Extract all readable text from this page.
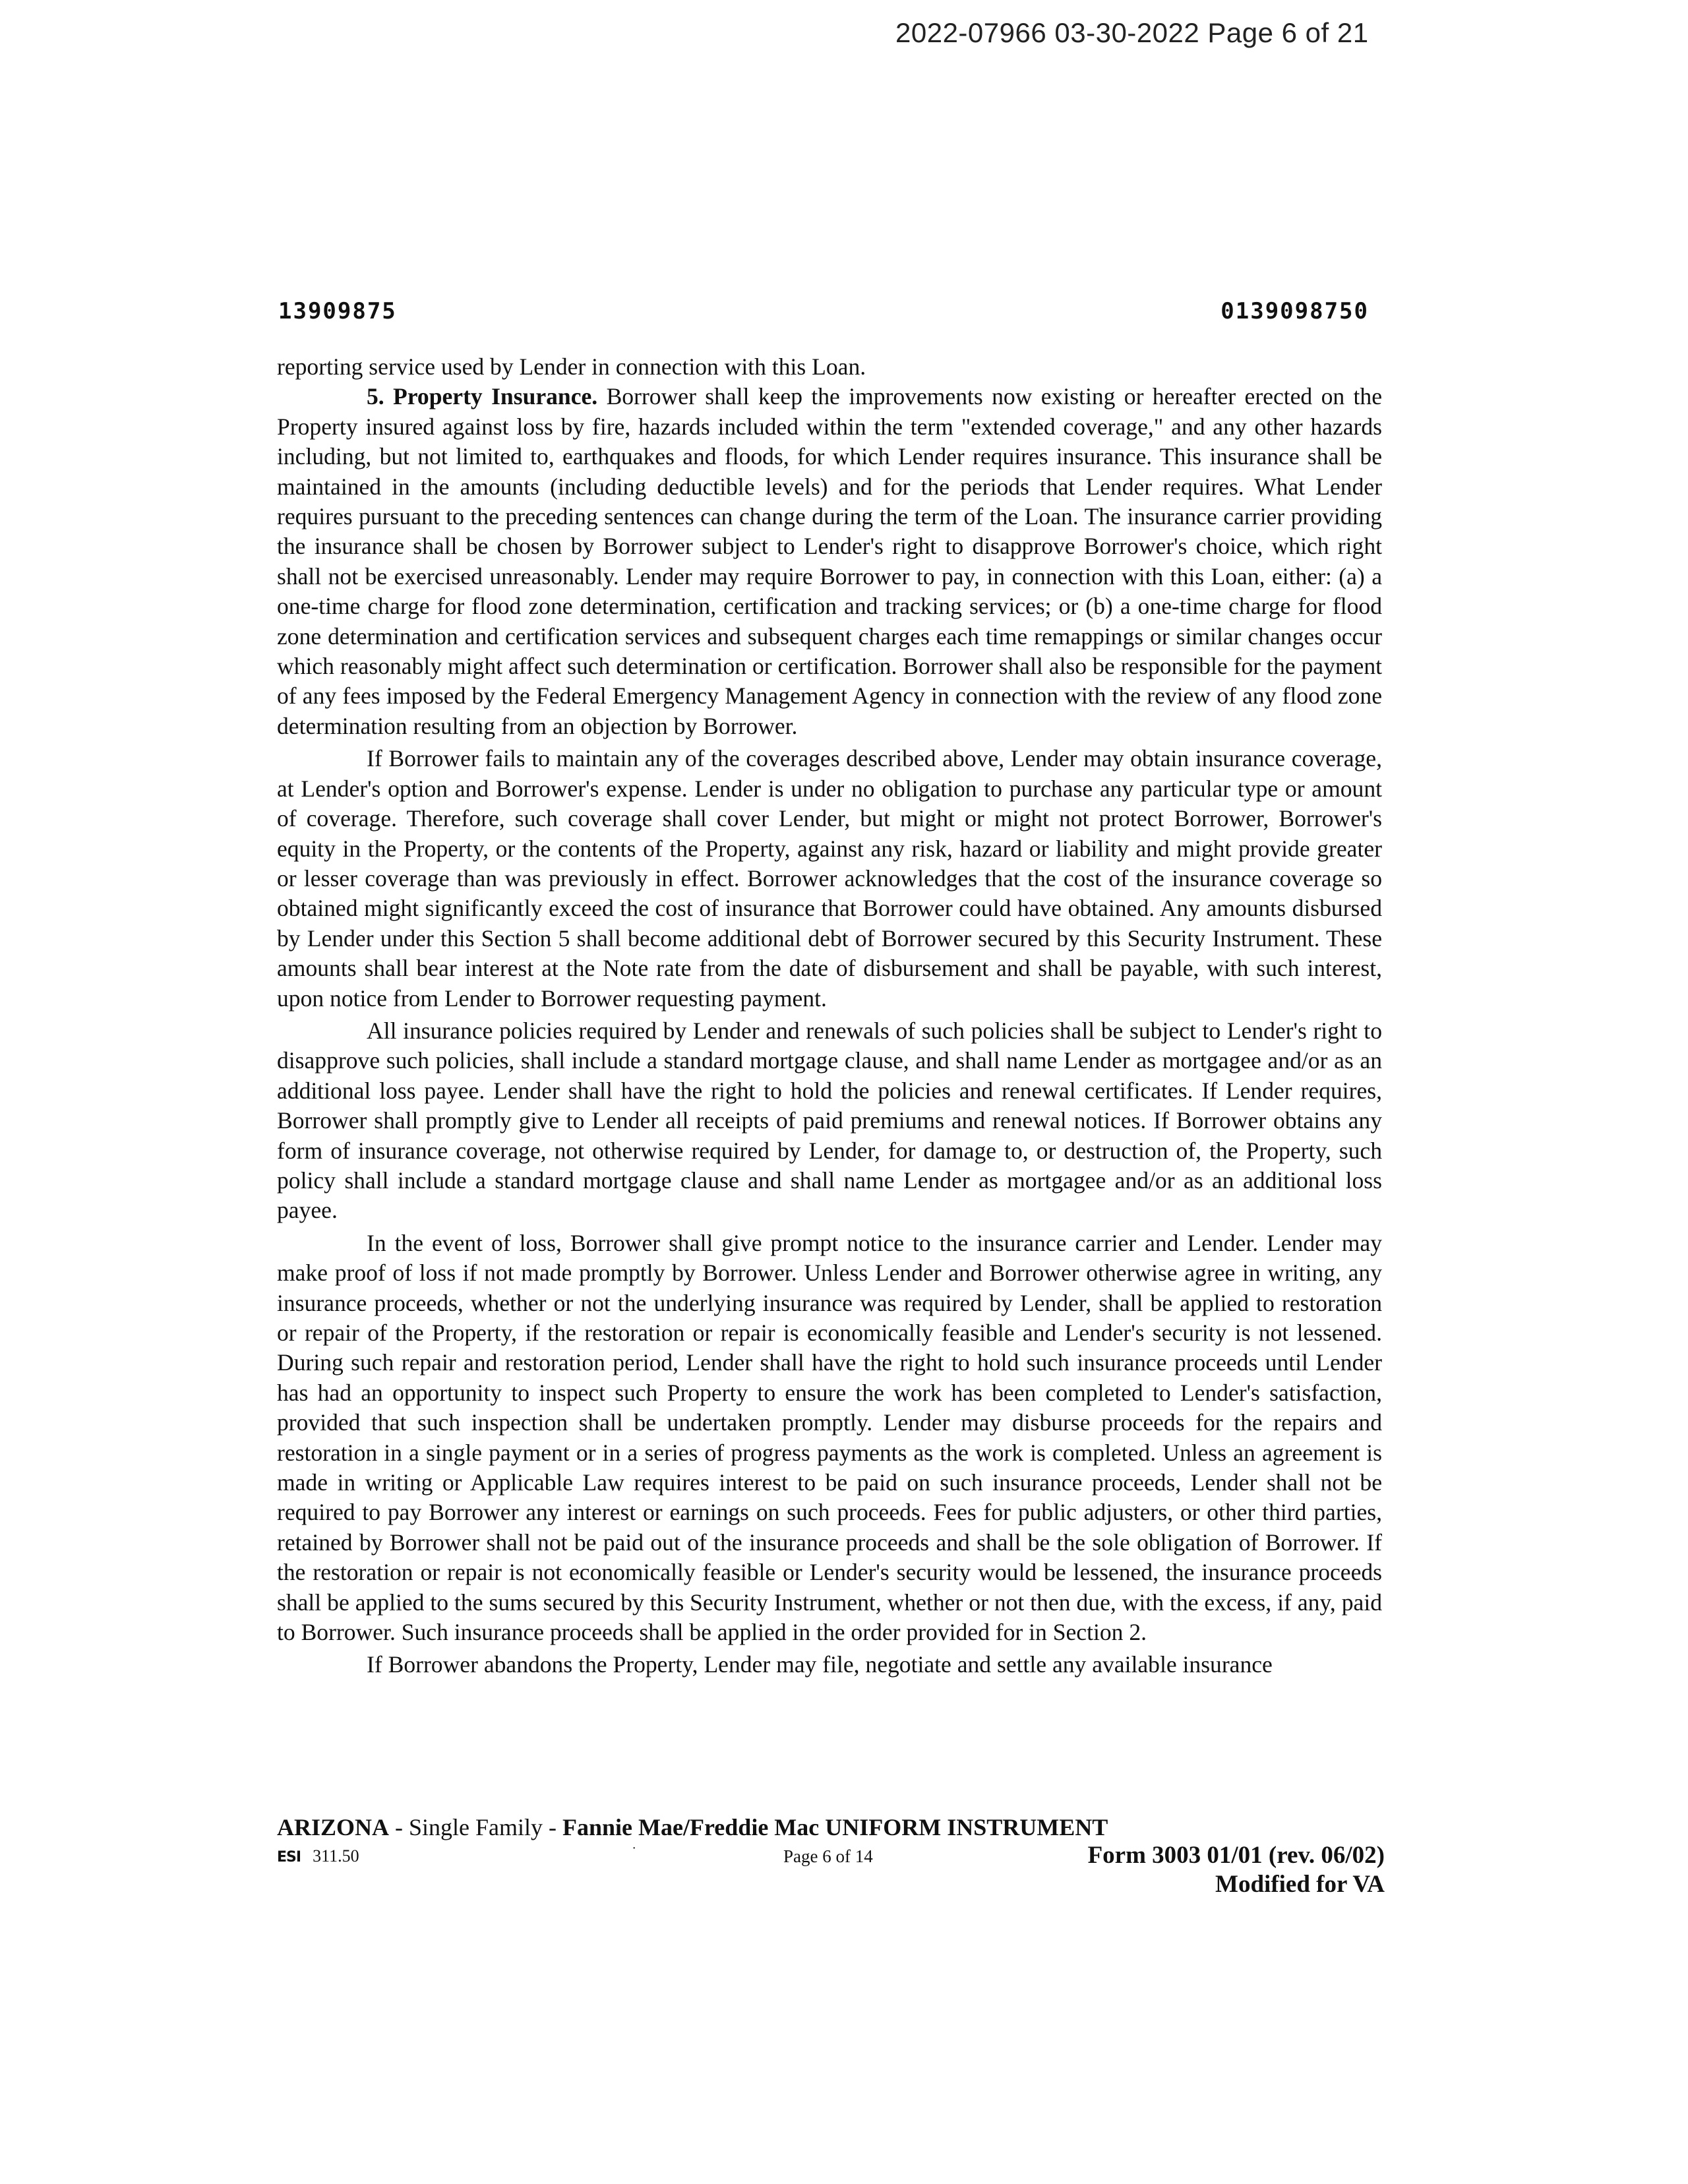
2022-07966 03-30-2022 Page 6 of 21
13909875	0139098750

reporting service used by Lender in connection with this Loan.

5. Property Insurance. Borrower shall keep the improvements now existing or hereafter erected on the Property insured against loss by fire, hazards included within the term "extended coverage," and any other hazards including, but not limited to, earthquakes and floods, for which Lender requires insurance. This insurance shall be maintained in the amounts (including deductible levels) and for the periods that Lender requires. What Lender requires pursuant to the preceding sentences can change during the term of the Loan. The insurance carrier providing the insurance shall be chosen by Borrower subject to Lender's right to disapprove Borrower's choice, which right shall not be exercised unreasonably. Lender may require Borrower to pay, in connection with this Loan, either: (a) a one-time charge for flood zone determination, certification and tracking services; or (b) a one-time charge for flood zone determination and certification services and subsequent charges each time remappings or similar changes occur which reasonably might affect such determination or certification. Borrower shall also be responsible for the payment of any fees imposed by the Federal Emergency Management Agency in connection with the review of any flood zone determination resulting from an objection by Borrower.

If Borrower fails to maintain any of the coverages described above, Lender may obtain insurance coverage, at Lender's option and Borrower's expense. Lender is under no obligation to purchase any particular type or amount of coverage. Therefore, such coverage shall cover Lender, but might or might not protect Borrower, Borrower's equity in the Property, or the contents of the Property, against any risk, hazard or liability and might provide greater or lesser coverage than was previously in effect. Borrower acknowledges that the cost of the insurance coverage so obtained might significantly exceed the cost of insurance that Borrower could have obtained. Any amounts disbursed by Lender under this Section 5 shall become additional debt of Borrower secured by this Security Instrument. These amounts shall bear interest at the Note rate from the date of disbursement and shall be payable, with such interest, upon notice from Lender to Borrower requesting payment.

All insurance policies required by Lender and renewals of such policies shall be subject to Lender's right to disapprove such policies, shall include a standard mortgage clause, and shall name Lender as mortgagee and/or as an additional loss payee. Lender shall have the right to hold the policies and renewal certificates. If Lender requires, Borrower shall promptly give to Lender all receipts of paid premiums and renewal notices. If Borrower obtains any form of insurance coverage, not otherwise required by Lender, for damage to, or destruction of, the Property, such policy shall include a standard mortgage clause and shall name Lender as mortgagee and/or as an additional loss payee.

In the event of loss, Borrower shall give prompt notice to the insurance carrier and Lender. Lender may make proof of loss if not made promptly by Borrower. Unless Lender and Borrower otherwise agree in writing, any insurance proceeds, whether or not the underlying insurance was required by Lender, shall be applied to restoration or repair of the Property, if the restoration or repair is economically feasible and Lender's security is not lessened. During such repair and restoration period, Lender shall have the right to hold such insurance proceeds until Lender has had an opportunity to inspect such Property to ensure the work has been completed to Lender's satisfaction, provided that such inspection shall be undertaken promptly. Lender may disburse proceeds for the repairs and restoration in a single payment or in a series of progress payments as the work is completed. Unless an agreement is made in writing or Applicable Law requires interest to be paid on such insurance proceeds, Lender shall not be required to pay Borrower any interest or earnings on such proceeds. Fees for public adjusters, or other third parties, retained by Borrower shall not be paid out of the insurance proceeds and shall be the sole obligation of Borrower. If the restoration or repair is not economically feasible or Lender's security would be lessened, the insurance proceeds shall be applied to the sums secured by this Security Instrument, whether or not then due, with the excess, if any, paid to Borrower. Such insurance proceeds shall be applied in the order provided for in Section 2.

If Borrower abandons the Property, Lender may file, negotiate and settle any available insurance

ARIZONA - Single Family - Fannie Mae/Freddie Mac UNIFORM INSTRUMENT
ESI 311.50	˙	Page 6 of 14	Form 3003 01/01 (rev. 06/02)
Modified for VA
